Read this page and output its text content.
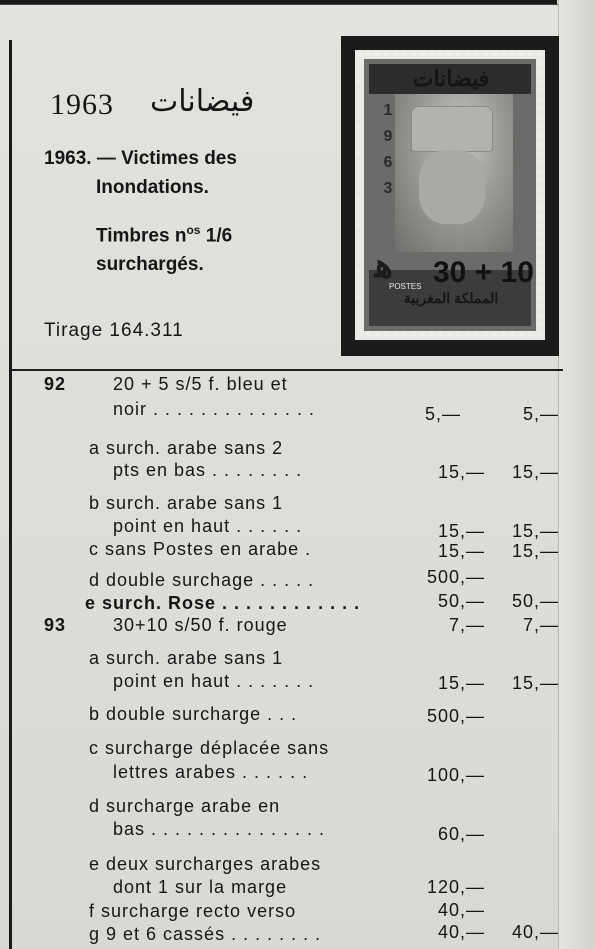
1963 فيضانات
1963. — Victimes des
Inondations.
Timbres $n^{os}$ 1/6
surchargés.
Tirage 164.311
فيضانات
1
9
6
3
ﻫ 30 + 10
POSTES
المملكة المغربية
92	20 + 5 s/5 f. bleu et
noir . . . . . . . . . . . . . .	5,—	5,—
a surch. arabe sans 2
pts en bas . . . . . . . .	15,— 15,—
b surch. arabe sans 1
point en haut . . . . . .	15,— 15,—
c sans Postes en arabe .	15,— 15,—
d double surchage . . . . .	500,—
e surch. Rose . . . . . . . . . . . .	50,— 50,—
93	30+10 s/50 f. rouge	7,— 7,—
a surch. arabe sans 1
point en haut . . . . . . .	15,— 15,—
b double surcharge . . .	500,—
c surcharge déplacée sans
lettres arabes . . . . . .	100,—
d surcharge arabe en
bas . . . . . . . . . . . . . . .	60,—
e deux surcharges arabes
dont 1 sur la marge	120,—
f surcharge recto verso	40,—
g 9 et 6 cassés . . . . . . . .	40,— 40,—
